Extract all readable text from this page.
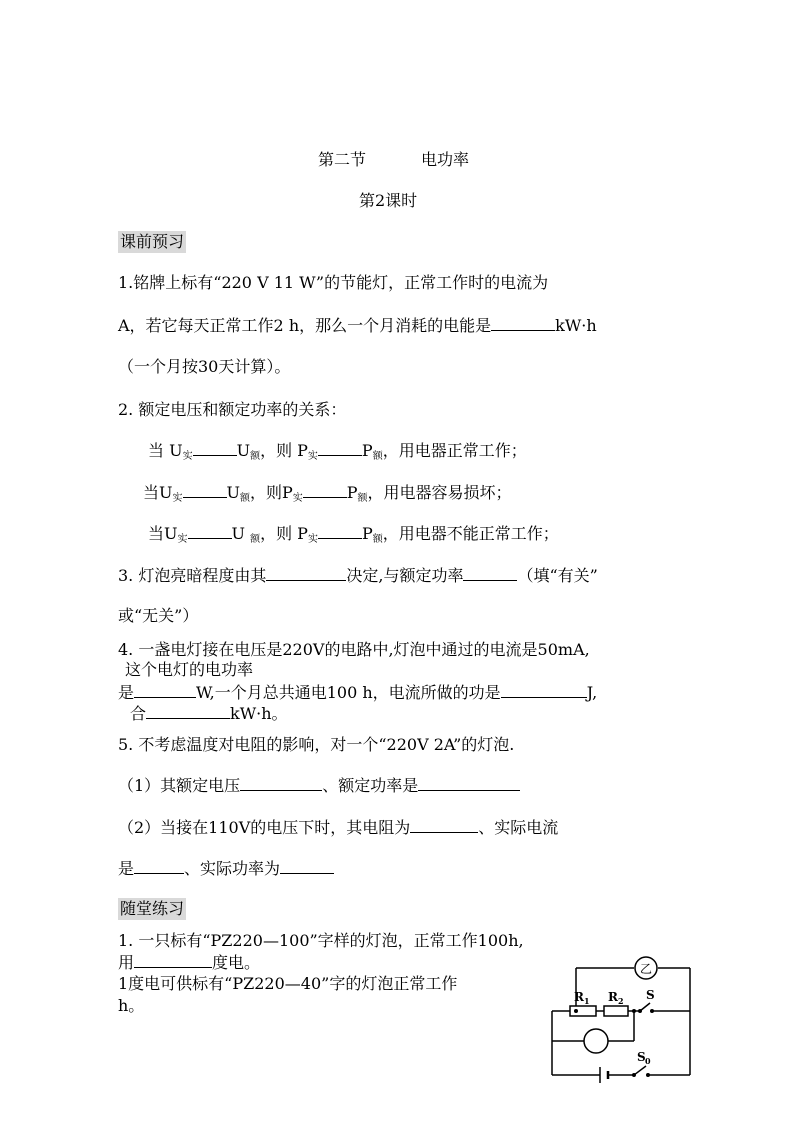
第二节	电功率
第2课时
课前预习
1.铭牌上标有“220 V 11 W”的节能灯，正常工作时的电流为
A，若它每天正常工作2 h，那么一个月消耗的电能是	kW·h
（一个月按30天计算）。
2. 额定电压和额定功率的关系：
当 $U_实$	$U_额$，则 $P_实$	$P_额$，用电器正常工作；
当$U_实$	$U_额$，则$P_实$	$P_额$，用电器容易损坏；
当$U_实$	U $_额$，则 $P_实$	$P_额$，用电器不能正常工作；
3. 灯泡亮暗程度由其	决定,与额定功率	（填“有关”
或“无关”）
4. 一盏电灯接在电压是220V的电路中,灯泡中通过的电流是50mA,
这个电灯的电功率
是	W,一个月总共通电100 h，电流所做的功是	J,
合	kW·h。
5. 不考虑温度对电阻的影响，对一个“220V 2A”的灯泡.
（1）其额定电压	、额定功率是
（2）当接在110V的电压下时，其电阻为	、实际电流
是	、实际功率为
随堂练习
1. 一只标有“PZ220—100”字样的灯泡，正常工作100h,
用	度电。
1度电可供标有“PZ220—40”字的灯泡正常工作
h。
乙
R 1 R 2 S
S 0
